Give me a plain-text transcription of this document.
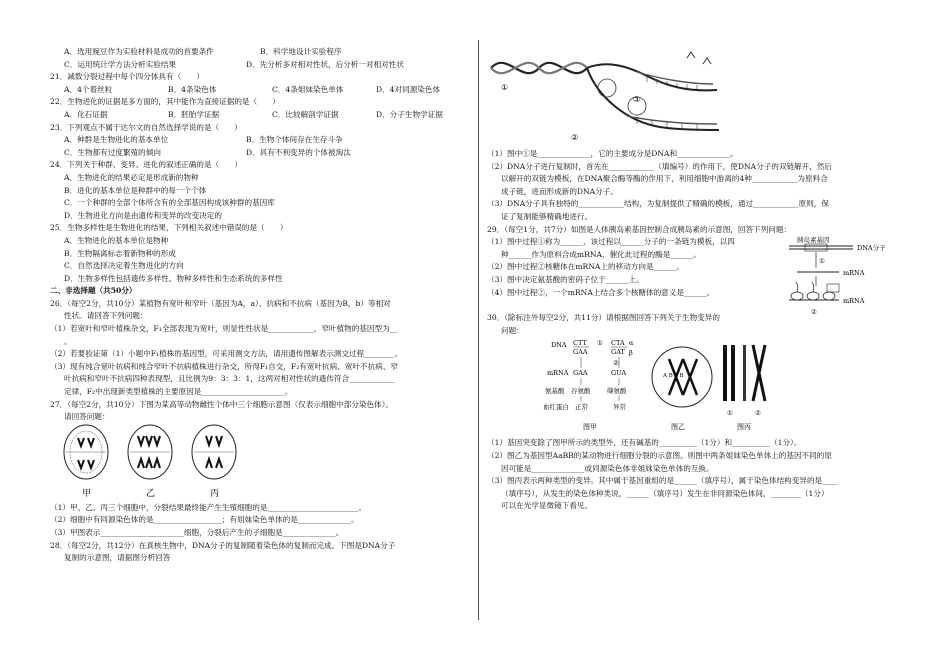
A．选用豌豆作为实验材料是成功的首要条件	B．科学地设计实验程序
C．运用统计学方法分析实验结果	D．先分析多对相对性状，后分析一对相对性状
21．减数分裂过程中每个四分体具有（　　）
A．4个着丝粒	B．4条染色体	C．4条姐妹染色单体	D．4对同源染色体
22．生物进化的证据是多方面的，其中能作为直接证据的是（　　）
A．化石证据	B．胚胎学证据	C．比较解剖学证据	D．分子生物学证据
23．下列观点不属于达尔文的自然选择学说的是（　　）
A．种群是生物进化的基本单位	B．生物个体间存在生存斗争
C．生物都有过度繁殖的倾向	D．具有不利变异的个体被淘汰
24．下列关于种群、变异、进化的叙述正确的是（　　）
A．生物进化的结果必定是形成新的物种
B．进化的基本单位是种群中的每一个个体
C．一个种群的全部个体所含有的全部基因构成该种群的基因库
D．生物进化方向是由遗传和变异的改变决定的
25．生物多样性是生物进化的结果，下列相关叙述中错误的是（　　）
A．生物进化的基本单位是物种
B．生物隔离标志着新物种的形成
C．自然选择决定着生物进化的方向
D．生物多样性包括遗传多样性、物种多样性和生态系统的多样性
二、非选择题（共50分）
26．（每空2分，共10分）某植物有宽叶和窄叶（基因为A，a）、抗病和不抗病（基因为B，b）等相对
性状。请回答下列问题：
（1）若宽叶和窄叶植株杂交，F₁全部表现为宽叶，则显性性状是____________，窄叶植物的基因型为__
。
（2）若要验证第（1）小题中F₁植株的基因型，可采用测交方法，请用遗传图解表示测交过程________。
（3）现有纯合宽叶抗病和纯合窄叶不抗病植株进行杂交，所得F₁自交，F₂有宽叶抗病、宽叶不抗病、窄
叶抗病和窄叶不抗病四种表现型，且比例为9：3：3：1，这两对相对性状的遗传符合____________
定律，F₂中出现新类型植株的主要原因是______________________。
27．（每空2分，共10分）下图为某高等动物雌性个体中三个细胞示意图（仅表示细胞中部分染色体）。
请回答问题：
甲	乙	丙
（1）甲、乙、丙三个细胞中，分裂结果最终能产生生殖细胞的是________________________。
（2）细胞中有同源染色体的是__________________；有姐妹染色单体的是______________。
（3）甲图表示______________________细胞，分裂后产生的子细胞是______________。
28．（每空2分，共12分）在真核生物中，DNA分子的复制随着染色体的复制而完成。下图是DNA分子
复制的示意图，请据图分析回答
①
②
③
（1）图中①是______________，它的主要成分是DNA和______________。
（2）DNA分子进行复制时，首先在____________（填编号）的作用下，使DNA分子的双链解开，然后
以解开的双链为模板，在DNA聚合酶等酶的作用下，利用细胞中游离的4种____________为原料合
成子链，进而形成新的DNA分子。
（3）DNA分子具有独特的____________结构，为复制提供了精确的模板，通过____________原则，保
证了复制能够精确地进行。
29．（每空1分，共7分）如图是人体胰岛素基因控制合成胰岛素的示意图，回答下列问题：
（1）图中过程①称为______，该过程以______分子的一条链为模板，以四
种______作为原料合成mRNA，催化此过程的酶是______。
（2）图中过程②核糖体在mRNA上的移动方向是______。
（3）图中决定氨基酸的密码子位于______上。
（4）图中过程②，一个mRNA上结合多个核糖体的意义是______。
胰岛素基因
DNA分子
①
mRNA
mRNA
②
30．（除标注外每空2分，共11分）请根据图回答下列关于生物变异的
问题：
DNA CTT
GAA
① CTA
GAT
α
β
②
mRNA GAA	GUA
氨基酸 谷氨酸	缬氨酸
血红蛋白 正常	异常
图甲
A B a B
图乙
①	②
图丙
（1）基因突变除了图甲所示的类型外，还有碱基的__________（1分）和__________（1分）。
（2）图乙为基因型AaBB的某动物进行细胞分裂的示意图。则图中两条姐妹染色单体上的基因不同的原
因可能是______________或同源染色体非姐妹染色单体的互换。
（3）图丙表示两种类型的变异。其中属于基因重组的是______（填序号），属于染色体结构变异的是____
（填序号），从发生的染色体种类说，______（填序号）发生在非同源染色体间，________（1分）
可以在光学显微镜下看见。
